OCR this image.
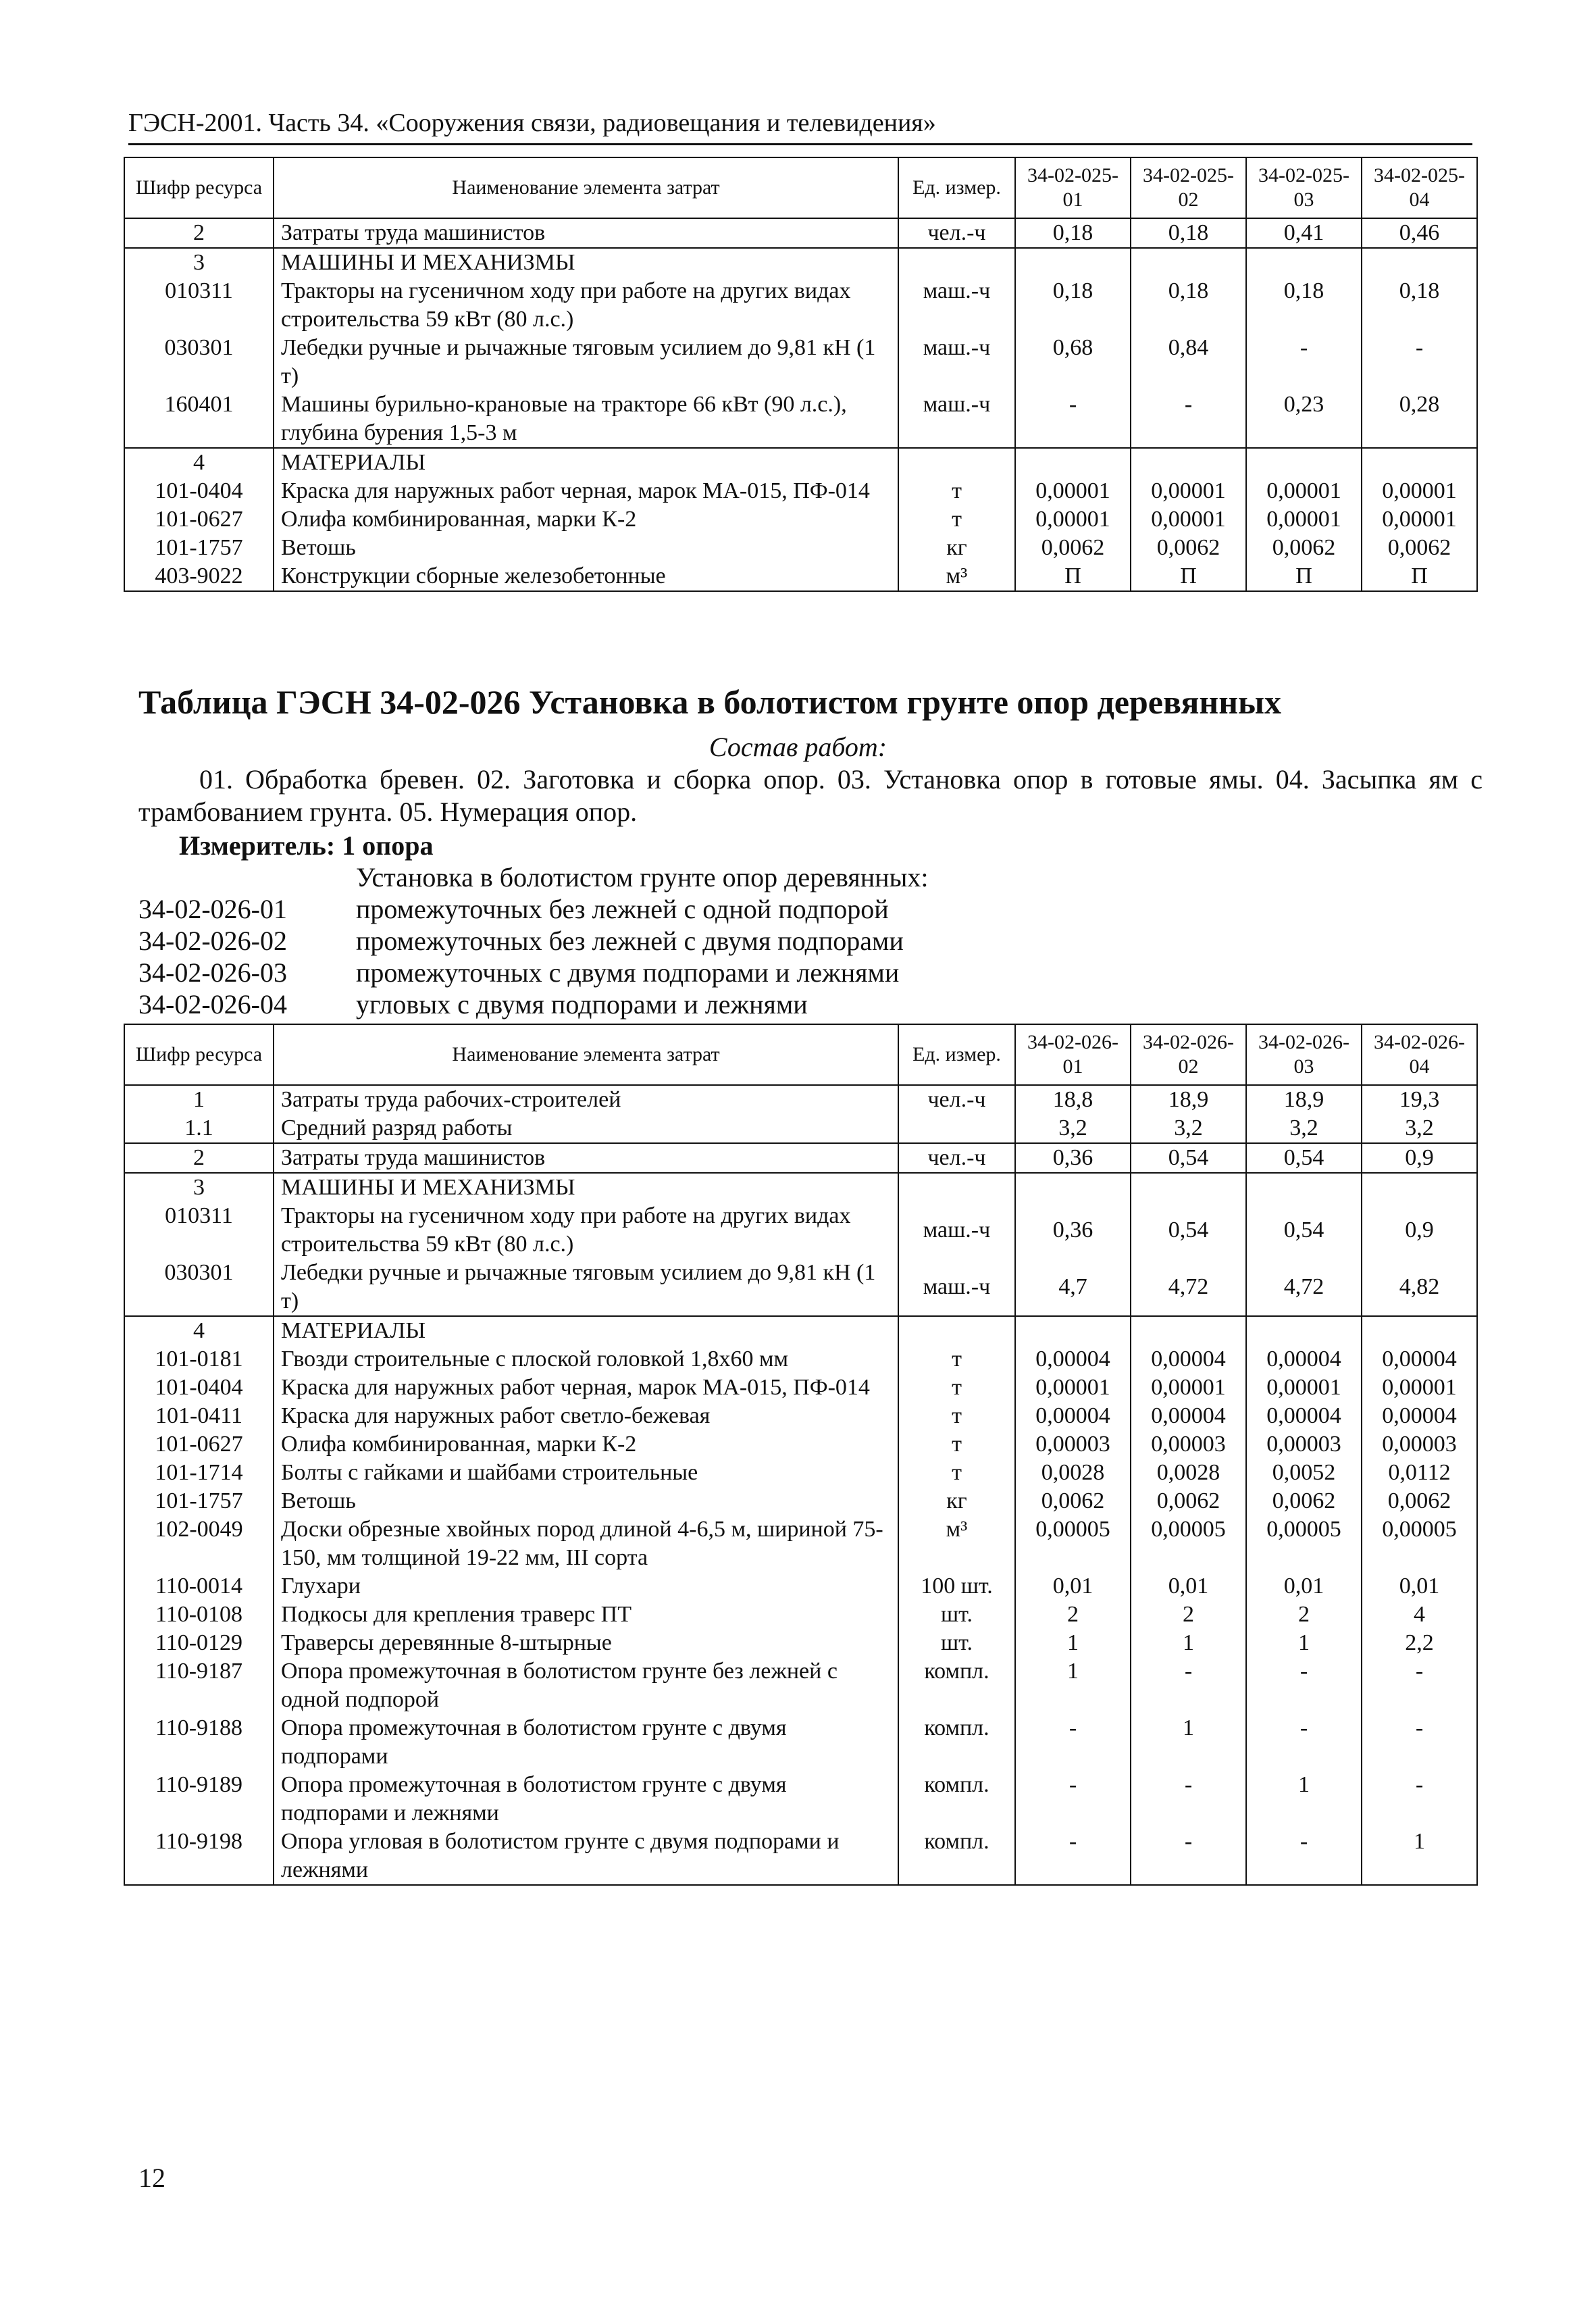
ГЭСН-2001. Часть 34. «Сооружения связи, радиовещания и телевидения»
Шифр ресурса	Наименование элемента затрат	Ед. измер.	34-02-025-01	34-02-025-02	34-02-025-03	34-02-025-04
2	Затраты труда машинистов	чел.-ч	0,18	0,18	0,41	0,46
3	МАШИНЫ И МЕХАНИЗМЫ					
010311	Тракторы на гусеничном ходу при работе на других видах строительства 59 кВт (80 л.с.)	маш.-ч	0,18	0,18	0,18	0,18
030301	Лебедки ручные и рычажные тяговым усилием до 9,81 кН (1 т)	маш.-ч	0,68	0,84	-	-
160401	Машины бурильно-крановые на тракторе 66 кВт (90 л.с.), глубина бурения 1,5-3 м	маш.-ч	-	-	0,23	0,28
4	МАТЕРИАЛЫ					
101-0404	Краска для наружных работ черная, марок МА-015, ПФ-014	т	0,00001	0,00001	0,00001	0,00001
101-0627	Олифа комбинированная, марки К-2	т	0,00001	0,00001	0,00001	0,00001
101-1757	Ветошь	кг	0,0062	0,0062	0,0062	0,0062
403-9022	Конструкции сборные железобетонные	м³	П	П	П	П
Таблица ГЭСН 34-02-026 Установка в болотистом грунте опор деревянных
Состав работ:
01. Обработка бревен. 02. Заготовка и сборка опор. 03. Установка опор в готовые ямы. 04. Засыпка ям с трамбованием грунта. 05. Нумерация опор.
Измеритель: 1 опора
Установка в болотистом грунте опор деревянных:
34-02-026-01	промежуточных без лежней с одной подпорой
34-02-026-02	промежуточных без лежней с двумя подпорами
34-02-026-03	промежуточных с двумя подпорами и лежнями
34-02-026-04	угловых с двумя подпорами и лежнями
Шифр ресурса	Наименование элемента затрат	Ед. измер.	34-02-026-01	34-02-026-02	34-02-026-03	34-02-026-04
1	Затраты труда рабочих-строителей	чел.-ч	18,8	18,9	18,9	19,3
1.1	Средний разряд работы		3,2	3,2	3,2	3,2
2	Затраты труда машинистов	чел.-ч	0,36	0,54	0,54	0,9
3	МАШИНЫ И МЕХАНИЗМЫ					
010311	Тракторы на гусеничном ходу при работе на других видах строительства 59 кВт (80 л.с.)	маш.-ч	0,36	0,54	0,54	0,9
030301	Лебедки ручные и рычажные тяговым усилием до 9,81 кН (1 т)	маш.-ч	4,7	4,72	4,72	4,82
4	МАТЕРИАЛЫ					
101-0181	Гвозди строительные с плоской головкой 1,8х60 мм	т	0,00004	0,00004	0,00004	0,00004
101-0404	Краска для наружных работ черная, марок МА-015, ПФ-014	т	0,00001	0,00001	0,00001	0,00001
101-0411	Краска для наружных работ светло-бежевая	т	0,00004	0,00004	0,00004	0,00004
101-0627	Олифа комбинированная, марки К-2	т	0,00003	0,00003	0,00003	0,00003
101-1714	Болты с гайками и шайбами строительные	т	0,0028	0,0028	0,0052	0,0112
101-1757	Ветошь	кг	0,0062	0,0062	0,0062	0,0062
102-0049	Доски обрезные хвойных пород длиной 4-6,5 м, шириной 75-150, мм толщиной 19-22 мм, III сорта	м³	0,00005	0,00005	0,00005	0,00005
110-0014	Глухари	100 шт.	0,01	0,01	0,01	0,01
110-0108	Подкосы для крепления траверс ПТ	шт.	2	2	2	4
110-0129	Траверсы деревянные 8-штырные	шт.	1	1	1	2,2
110-9187	Опора промежуточная в болотистом грунте без лежней с одной подпорой	компл.	1	-	-	-
110-9188	Опора промежуточная в болотистом грунте с двумя подпорами	компл.	-	1	-	-
110-9189	Опора промежуточная в болотистом грунте с двумя подпорами и лежнями	компл.	-	-	1	-
110-9198	Опора угловая в болотистом грунте с двумя подпорами и лежнями	компл.	-	-	-	1
12
